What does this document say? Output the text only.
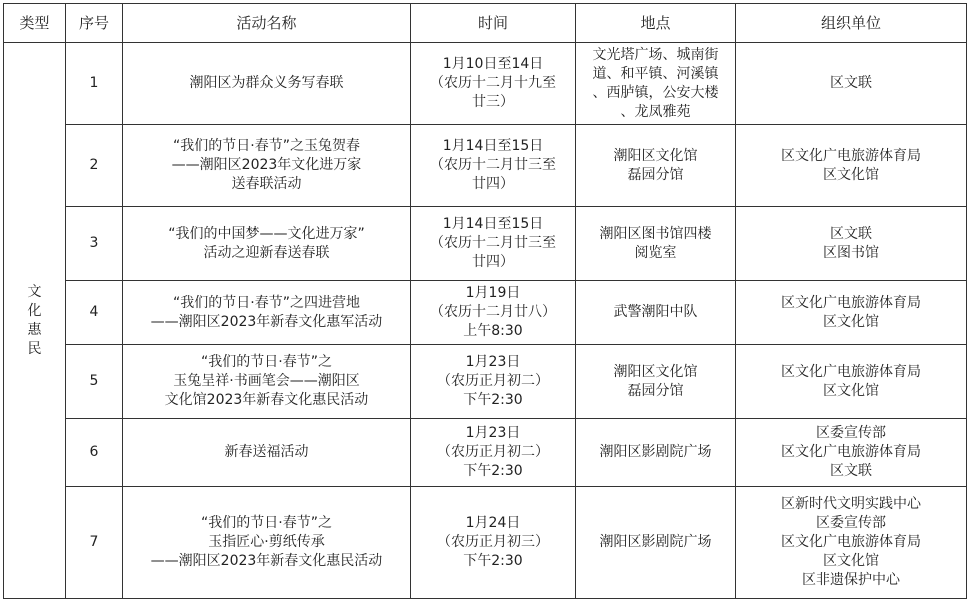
类型	序号	活动名称	时间	地点	组织单位

文
化
惠
民	1	潮阳区为群众义务写春联	1月10日至14日
（农历十二月十九至
廿三）	文光塔广场、城南街
道、和平镇、河溪镇
、西胪镇，公安大楼
、龙凤雅苑	区文联

	2	“我们的节日·春节”之玉兔贺春
——潮阳区2023年文化进万家
送春联活动	1月14日至15日
（农历十二月廿三至
廿四）	潮阳区文化馆
磊园分馆	区文化广电旅游体育局
区文化馆

	3	“我们的中国梦——文化进万家”
活动之迎新春送春联	1月14日至15日
（农历十二月廿三至
廿四）	潮阳区图书馆四楼
阅览室	区文联
区图书馆

	4	“我们的节日·春节”之四进营地
——潮阳区2023年新春文化惠军活动	1月19日
（农历十二月廿八）
上午8:30	武警潮阳中队	区文化广电旅游体育局
区文化馆

	5	“我们的节日·春节”之
玉兔呈祥·书画笔会——潮阳区
文化馆2023年新春文化惠民活动	1月23日
（农历正月初二）
下午2:30	潮阳区文化馆
磊园分馆	区文化广电旅游体育局
区文化馆

	6	新春送福活动	1月23日
（农历正月初二）
下午2:30	潮阳区影剧院广场	区委宣传部
区文化广电旅游体育局
区文联

	7	“我们的节日·春节”之
玉指匠心·剪纸传承
——潮阳区2023年新春文化惠民活动	1月24日
（农历正月初三）
下午2:30	潮阳区影剧院广场	区新时代文明实践中心
区委宣传部
区文化广电旅游体育局
区文化馆
区非遗保护中心
